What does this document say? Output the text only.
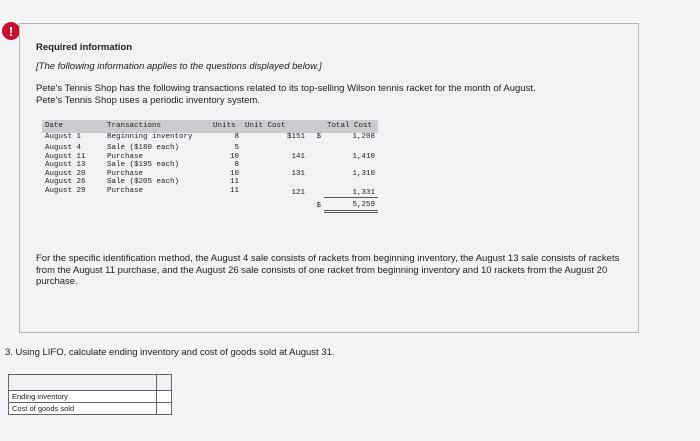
!
Required information
[The following information applies to the questions displayed below.]
Pete's Tennis Shop has the following transactions related to its top-selling Wilson tennis racket for the month of August.
Pete's Tennis Shop uses a periodic inventory system.
Date	Transactions	Units	Unit Cost		Total Cost
August 1	Beginning inventory	8	$151	$	1,208

August 4	Sale ($180 each)	5			
August 11	Purchase	10	141		1,410
August 13	Sale ($195 each)	8			
August 20	Purchase	10	131		1,310
August 26	Sale ($205 each)	11			
August 29	Purchase	11	121		1,331
				$	5,259
For the specific identification method, the August 4 sale consists of rackets from beginning inventory, the August 13 sale consists of rackets from the August 11 purchase, and the August 26 sale consists of one racket from beginning inventory and 10 rackets from the August 20 purchase.
3. Using LIFO, calculate ending inventory and cost of goods sold at August 31.

Ending inventory	
Cost of goods sold	
